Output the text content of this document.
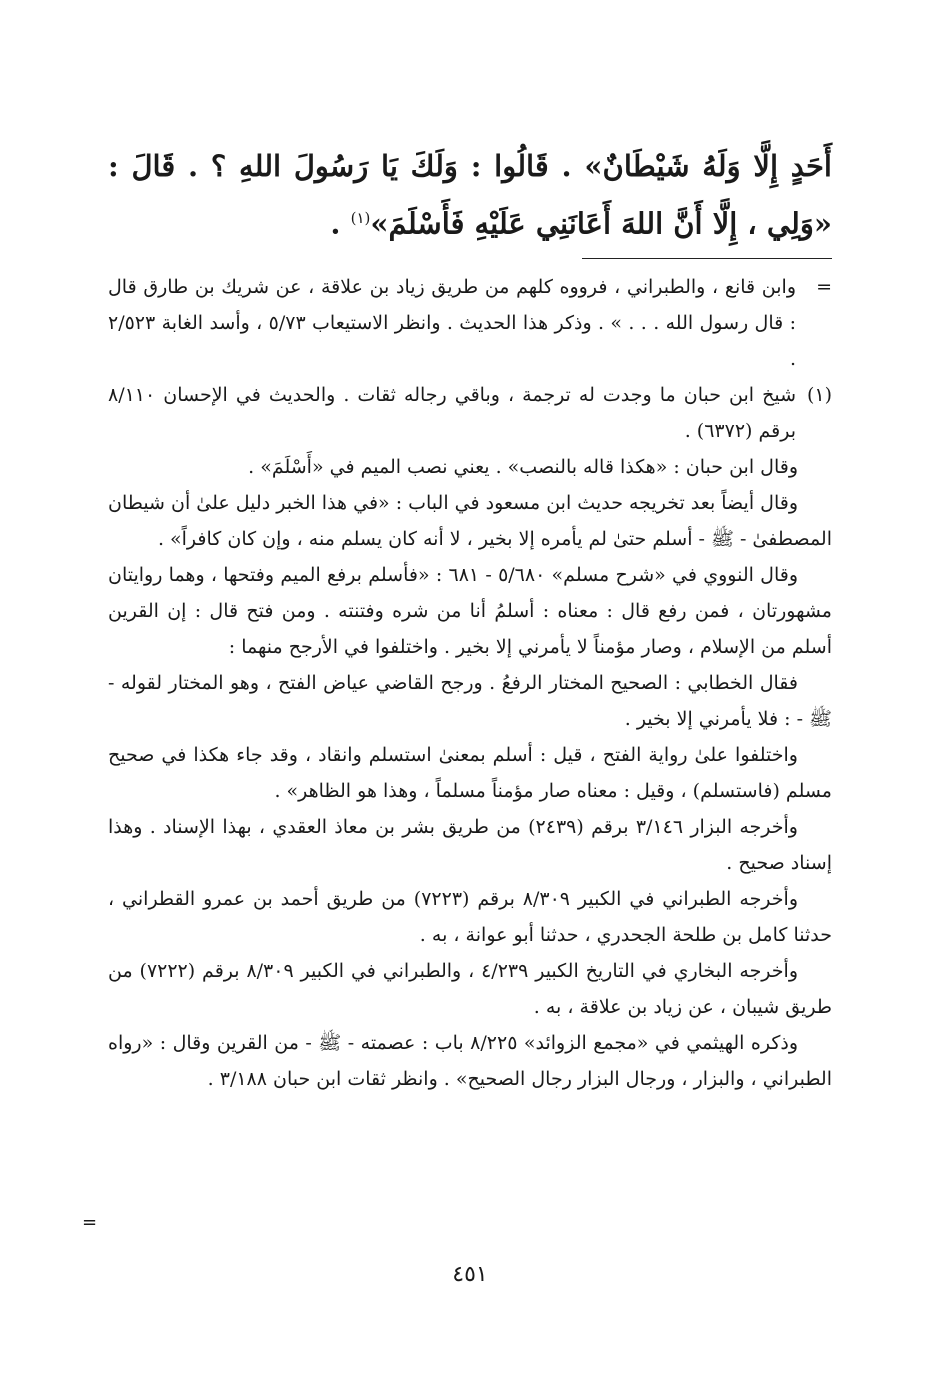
أَحَدٍ إِلَّا وَلَهُ شَيْطَانٌ» . قَالُوا : وَلَكَ يَا رَسُولَ اللهِ ؟ . قَالَ : «وَلِي ، إِلَّا أَنَّ اللهَ أَعَانَنِي عَلَيْهِ فَأَسْلَمَ»$^{(١)}$ .

=
وابن قانع ، والطبراني ، فرووه كلهم من طريق زياد بن علاقة ، عن شريك بن طارق قال : قال رسول الله . . . » . وذكر هذا الحديث . وانظر الاستيعاب ٥/٧٣ ، وأسد الغابة ٢/٥٢٣ .

(١)
شيخ ابن حبان ما وجدت له ترجمة ، وباقي رجاله ثقات . والحديث في الإحسان ٨/١١٠ برقم (٦٣٧٢) .

وقال ابن حبان : «هكذا قاله بالنصب» . يعني نصب الميم في «أَسْلَمَ» .

وقال أيضاً بعد تخريجه حديث ابن مسعود في الباب : «في هذا الخبر دليل علىٰ أن شيطان المصطفىٰ - ﷺ - أسلم حتىٰ لم يأمره إلا بخير ، لا أنه كان يسلم منه ، وإن كان كافراً» .

وقال النووي في «شرح مسلم» ٥/٦٨٠ - ٦٨١ : «فأسلم برفع الميم وفتحها ، وهما روايتان مشهورتان ، فمن رفع قال : معناه : أسلمُ أنا من شره وفتنته . ومن فتح قال : إن القرين أسلم من الإسلام ، وصار مؤمناً لا يأمرني إلا بخير . واختلفوا في الأرجح منهما :

فقال الخطابي : الصحيح المختار الرفعُ . ورجح القاضي عياض الفتح ، وهو المختار لقوله - ﷺ - : فلا يأمرني إلا بخير .

واختلفوا علىٰ رواية الفتح ، قيل : أسلم بمعنىٰ استسلم وانقاد ، وقد جاء هكذا في صحيح مسلم (فاستسلم) ، وقيل : معناه صار مؤمناً مسلماً ، وهذا هو الظاهر» .

وأخرجه البزار ٣/١٤٦ برقم (٢٤٣٩) من طريق بشر بن معاذ العقدي ، بهذا الإسناد . وهذا إسناد صحيح .

وأخرجه الطبراني في الكبير ٨/٣٠٩ برقم (٧٢٢٣) من طريق أحمد بن عمرو القطراني ، حدثنا كامل بن طلحة الجحدري ، حدثنا أبو عوانة ، به .

وأخرجه البخاري في التاريخ الكبير ٤/٢٣٩ ، والطبراني في الكبير ٨/٣٠٩ برقم (٧٢٢٢) من طريق شيبان ، عن زياد بن علاقة ، به .

وذكره الهيثمي في «مجمع الزوائد» ٨/٢٢٥ باب : عصمته - ﷺ - من القرين وقال : «رواه الطبراني ، والبزار ، ورجال البزار رجال الصحيح» . وانظر ثقات ابن حبان ٣/١٨٨ .

=
٤٥١
